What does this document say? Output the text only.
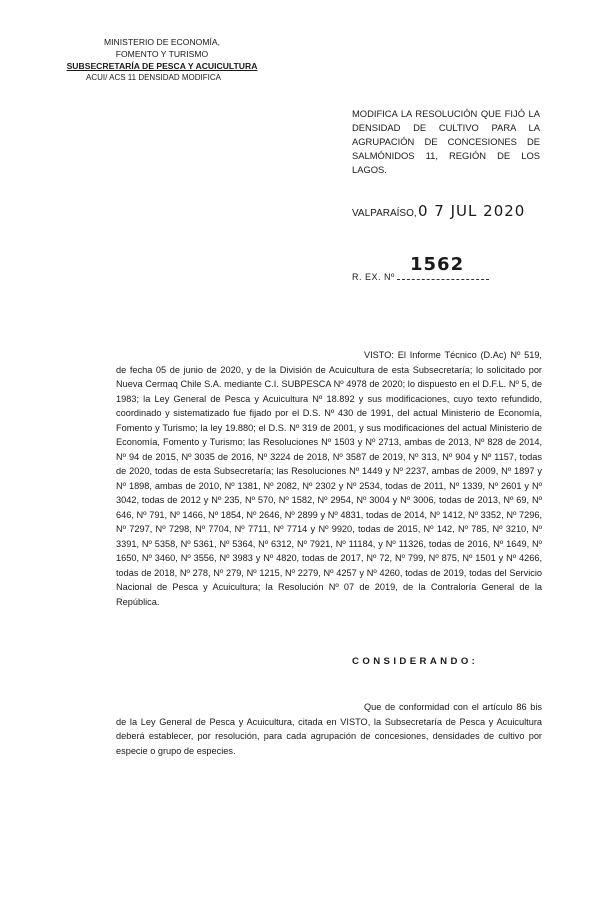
MINISTERIO DE ECONOMÍA,
FOMENTO Y TURISMO
SUBSECRETARÍA DE PESCA Y ACUICULTURA
ACUI/ ACS 11 DENSIDAD MODIFICA
MODIFICA LA RESOLUCIÓN QUE FIJÓ LA DENSIDAD DE CULTIVO PARA LA AGRUPACIÓN DE CONCESIONES DE SALMÓNIDOS 11, REGIÓN DE LOS LAGOS.
VALPARAÍSO, 0 7 JUL 2020
1562
R. EX. Nº
VISTO: El Informe Técnico (D.Ac) Nº 519, de fecha 05 de junio de 2020, y de la División de Acuicultura de esta Subsecretaría; lo solicitado por Nueva Cermaq Chile S.A. mediante C.I. SUBPESCA Nº 4978 de 2020; lo dispuesto en el D.F.L. Nº 5, de 1983; la Ley General de Pesca y Acuicultura Nº 18.892 y sus modificaciones, cuyo texto refundido, coordinado y sistematizado fue fijado por el D.S. Nº 430 de 1991, del actual Ministerio de Economía, Fomento y Turismo; la ley 19.880; el D.S. Nº 319 de 2001, y sus modificaciones del actual Ministerio de Economía, Fomento y Turismo; las Resoluciones Nº 1503 y Nº 2713, ambas de 2013, Nº 828 de 2014, Nº 94 de 2015, Nº 3035 de 2016, Nº 3224 de 2018, Nº 3587 de 2019, Nº 313, Nº 904 y Nº 1157, todas de 2020, todas de esta Subsecretaría; las Resoluciones Nº 1449 y Nº 2237, ambas de 2009, Nº 1897 y Nº 1898, ambas de 2010, Nº 1381, Nº 2082, Nº 2302 y Nº 2534, todas de 2011, Nº 1339, Nº 2601 y Nº 3042, todas de 2012 y Nº 235, Nº 570, Nº 1582, Nº 2954, Nº 3004 y Nº 3006, todas de 2013, Nº 69, Nº 646, Nº 791, Nº 1466, Nº 1854, Nº 2646, Nº 2899 y Nº 4831, todas de 2014, Nº 1412, Nº 3352, Nº 7296, Nº 7297, Nº 7298, Nº 7704, Nº 7711, Nº 7714 y Nº 9920, todas de 2015, Nº 142, Nº 785, Nº 3210, Nº 3391, Nº 5358, Nº 5361, Nº 5364, Nº 6312, Nº 7921, Nº 11184, y Nº 11326, todas de 2016, Nº 1649, Nº 1650, Nº 3460, Nº 3556, Nº 3983 y Nº 4820, todas de 2017, Nº 72, Nº 799, Nº 875, Nº 1501 y Nº 4266, todas de 2018, Nº 278, Nº 279, Nº 1215, Nº 2279, Nº 4257 y Nº 4260, todas de 2019, todas del Servicio Nacional de Pesca y Acuicultura; la Resolución Nº 07 de 2019, de la Contraloría General de la República.
CONSIDERANDO:
Que de conformidad con el artículo 86 bis de la Ley General de Pesca y Acuicultura, citada en VISTO, la Subsecretaría de Pesca y Acuicultura deberá establecer, por resolución, para cada agrupación de concesiones, densidades de cultivo por especie o grupo de especies.
